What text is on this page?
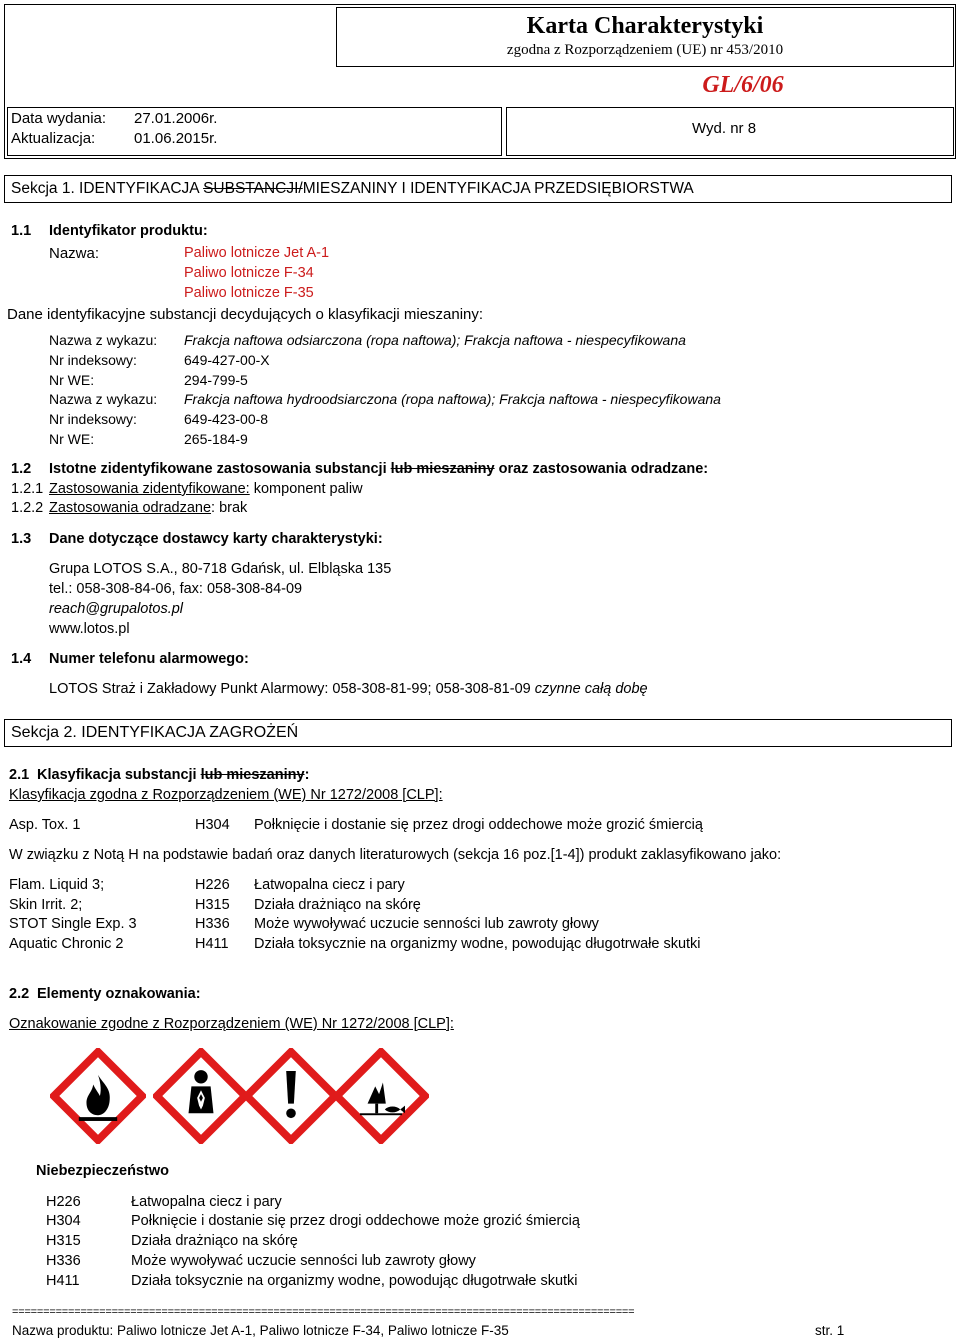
Karta Charakterystyki
zgodna z Rozporządzeniem (UE) nr 453/2010
GL/6/06
Data wydania: 27.01.2006r.
Aktualizacja:	01.06.2015r.
Wyd. nr 8
Sekcja 1. IDENTYFIKACJA SUBSTANCJI/MIESZANINY I IDENTYFIKACJA PRZEDSIĘBIORSTWA
1.1 Identyfikator produktu:
Nazwa:	Paliwo lotnicze Jet A-1
Paliwo lotnicze F-34
Paliwo lotnicze F-35
Dane identyfikacyjne substancji decydujących o klasyfikacji mieszaniny:
Nazwa z wykazu: Frakcja naftowa odsiarczona (ropa naftowa); Frakcja naftowa - niespecyfikowana
Nr indeksowy:	649-427-00-X
Nr WE:	294-799-5
Nazwa z wykazu: Frakcja naftowa hydroodsiarczona (ropa naftowa); Frakcja naftowa - niespecyfikowana
Nr indeksowy:	649-423-00-8
Nr WE:	265-184-9
1.2 Istotne zidentyfikowane zastosowania substancji lub mieszaniny oraz zastosowania odradzane:
1.2.1 Zastosowania zidentyfikowane: komponent paliw
1.2.2 Zastosowania odradzane: brak
1.3 Dane dotyczące dostawcy karty charakterystyki:
Grupa LOTOS S.A., 80-718 Gdańsk, ul. Elbląska 135
tel.: 058-308-84-06, fax: 058-308-84-09
reach@grupalotos.pl
www.lotos.pl
1.4 Numer telefonu alarmowego:
LOTOS Straż i Zakładowy Punkt Alarmowy: 058-308-81-99; 058-308-81-09 czynne całą dobę
Sekcja 2. IDENTYFIKACJA ZAGROŻEŃ
2.1 Klasyfikacja substancji lub mieszaniny:
Klasyfikacja zgodna z Rozporządzeniem (WE) Nr 1272/2008 [CLP]:
Asp. Tox. 1	H304 Połknięcie i dostanie się przez drogi oddechowe może grozić śmiercią
W związku z Notą H na podstawie badań oraz danych literaturowych (sekcja 16 poz.[1-4]) produkt zaklasyfikowano jako:
Flam. Liquid 3;	H226 Łatwopalna ciecz i pary
Skin Irrit. 2;	H315 Działa drażniąco na skórę
STOT Single Exp. 3	H336 Może wywoływać uczucie senności lub zawroty głowy
Aquatic Chronic 2	H411 Działa toksycznie na organizmy wodne, powodując długotrwałe skutki
2.2 Elementy oznakowania:
Oznakowanie zgodne z Rozporządzeniem (WE) Nr 1272/2008 [CLP]:
Niebezpieczeństwo
H226	Łatwopalna ciecz i pary
H304	Połknięcie i dostanie się przez drogi oddechowe może grozić śmiercią
H315	Działa drażniąco na skórę
H336	Może wywoływać uczucie senności lub zawroty głowy
H411	Działa toksycznie na organizmy wodne, powodując długotrwałe skutki
====================================================================================================
Nazwa produktu: Paliwo lotnicze Jet A-1, Paliwo lotnicze F-34, Paliwo lotnicze F-35	str. 1
